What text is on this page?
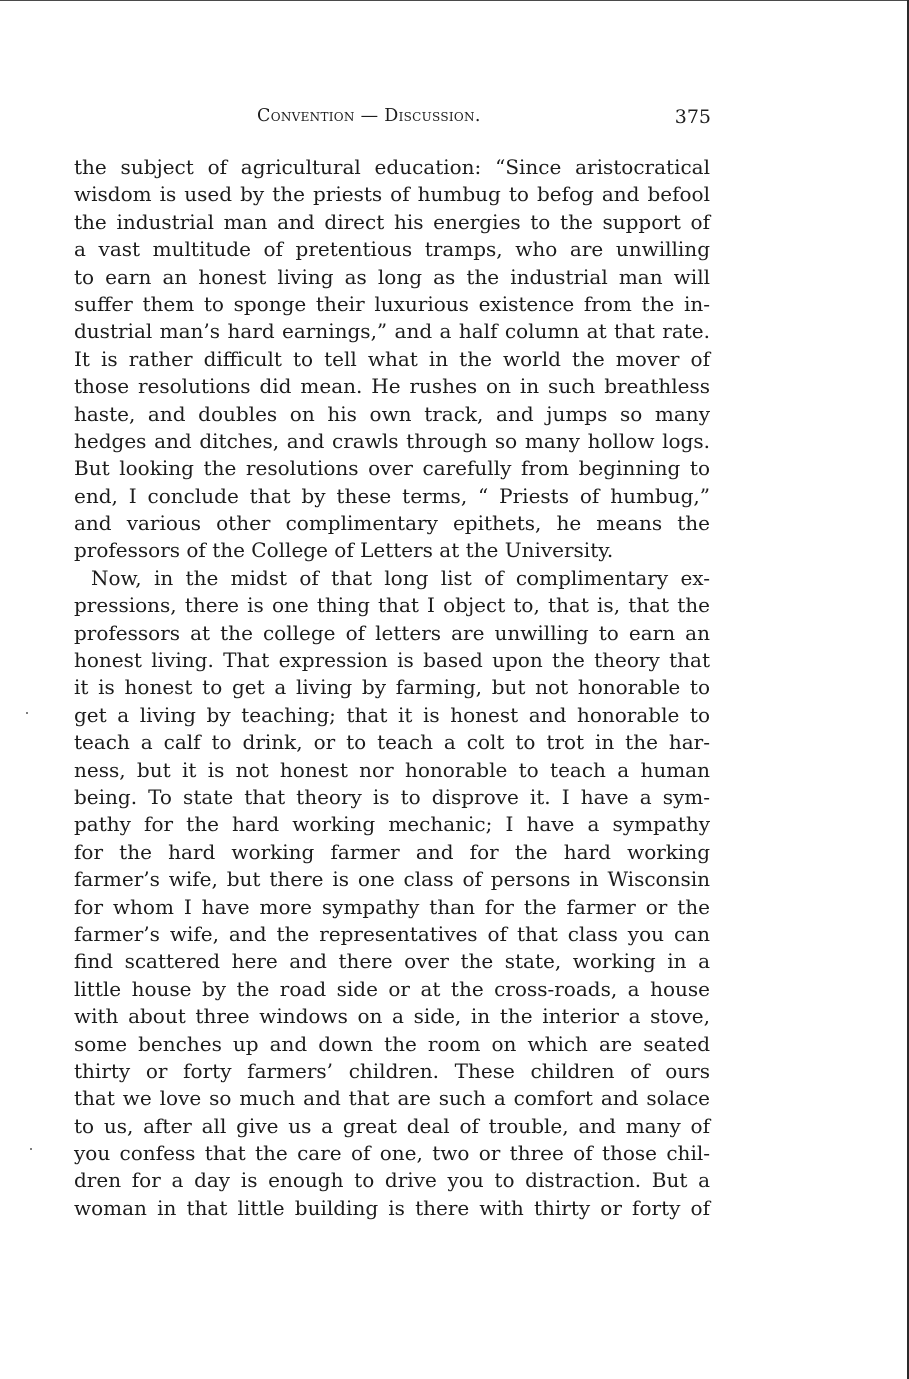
Convention — Discussion.	375
the subject of agricultural education: “Since aristocratical
wisdom is used by the priests of humbug to befog and befool
the industrial man and direct his energies to the support of
a vast multitude of pretentious tramps, who are unwilling
to earn an honest living as long as the industrial man will
suffer them to sponge their luxurious existence from the in-
dustrial man’s hard earnings,” and a half column at that rate.
It is rather difficult to tell what in the world the mover of
those resolutions did mean. He rushes on in such breathless
haste, and doubles on his own track, and jumps so many
hedges and ditches, and crawls through so many hollow logs.
But looking the resolutions over carefully from beginning to
end, I conclude that by these terms, “ Priests of humbug,”
and various other complimentary epithets, he means the
professors of the College of Letters at the University.
Now, in the midst of that long list of complimentary ex-
pressions, there is one thing that I object to, that is, that the
professors at the college of letters are unwilling to earn an
honest living. That expression is based upon the theory that
it is honest to get a living by farming, but not honorable to
get a living by teaching; that it is honest and honorable to
teach a calf to drink, or to teach a colt to trot in the har-
ness, but it is not honest nor honorable to teach a human
being. To state that theory is to disprove it. I have a sym-
pathy for the hard working mechanic; I have a sympathy
for the hard working farmer and for the hard working
farmer’s wife, but there is one class of persons in Wisconsin
for whom I have more sympathy than for the farmer or the
farmer’s wife, and the representatives of that class you can
find scattered here and there over the state, working in a
little house by the road side or at the cross-roads, a house
with about three windows on a side, in the interior a stove,
some benches up and down the room on which are seated
thirty or forty farmers’ children. These children of ours
that we love so much and that are such a comfort and solace
to us, after all give us a great deal of trouble, and many of
you confess that the care of one, two or three of those chil-
dren for a day is enough to drive you to distraction. But a
woman in that little building is there with thirty or forty of
